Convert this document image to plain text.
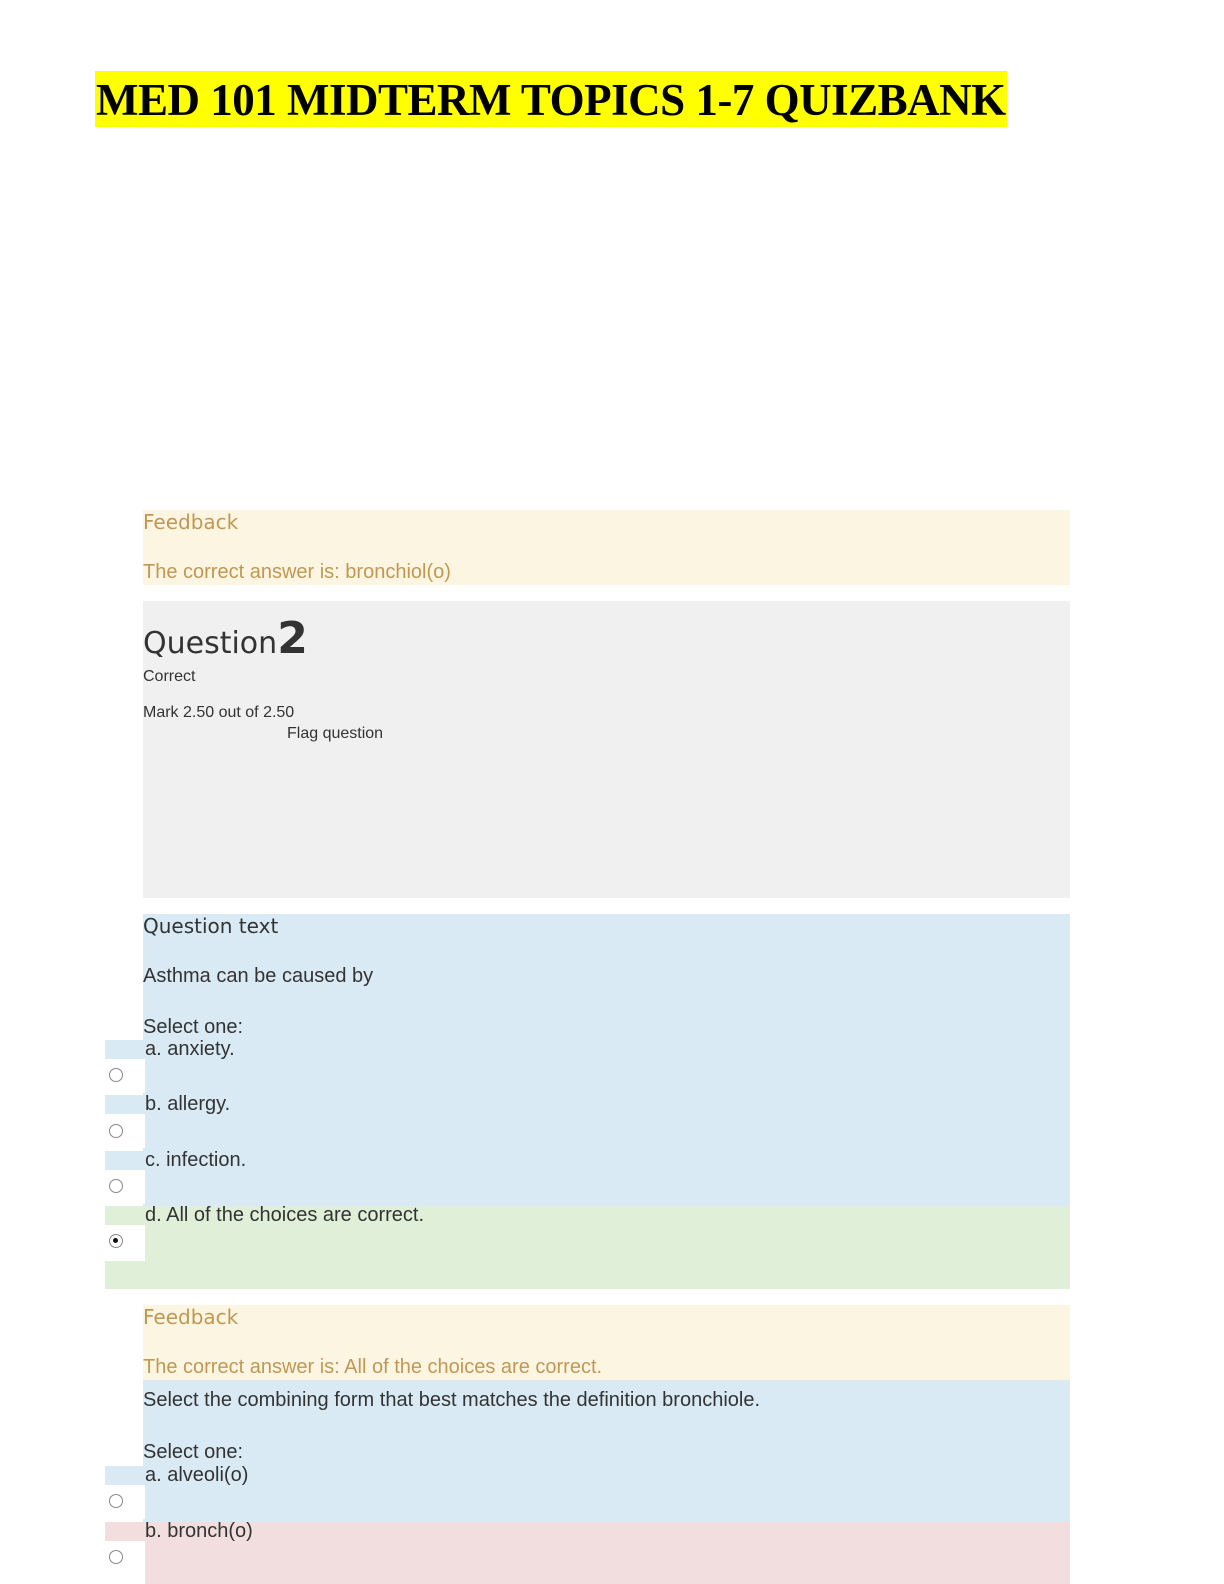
MED 101 MIDTERM TOPICS 1-7 QUIZBANK
Feedback
The correct answer is: bronchiol(o)
Question2
Correct
Mark 2.50 out of 2.50
Flag question
Question text
Asthma can be caused by
Select one:
a. anxiety.
b. allergy.
c. infection.
d. All of the choices are correct.
Feedback
The correct answer is: All of the choices are correct.
Select the combining form that best matches the definition bronchiole.
Select one:
a. alveoli(o)
b. bronch(o)
